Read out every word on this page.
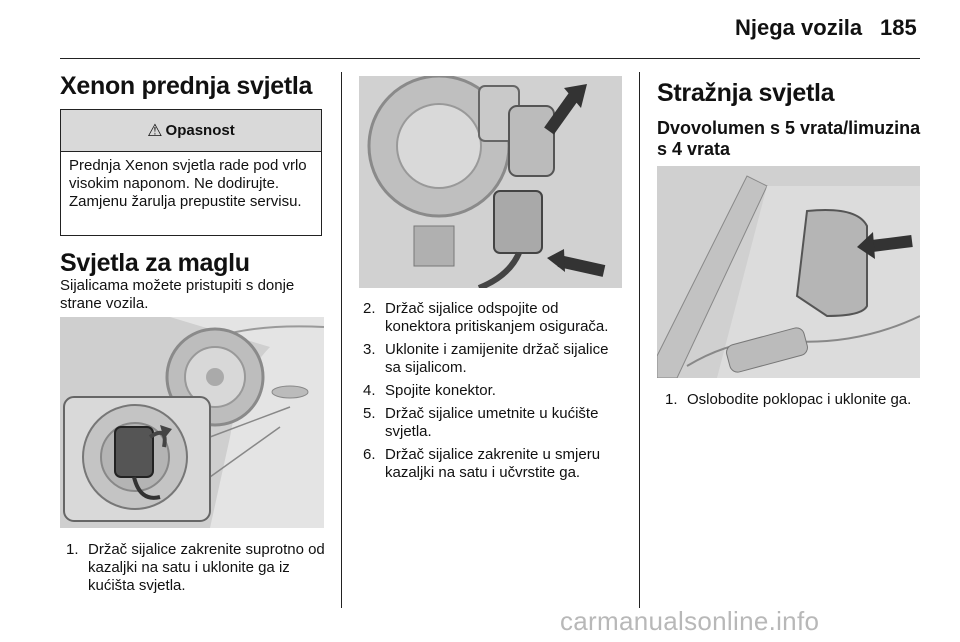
Njega vozila 185
Xenon prednja svjetla
⚠ Opasnost
Prednja Xenon svjetla rade pod vrlo visokim naponom. Ne dodirujte. Zamjenu žarulja prepustite servisu.
Svjetla za maglu
Sijalicama možete pristupiti s donje strane vozila.
1. Držač sijalice zakrenite suprotno od kazaljki na satu i uklonite ga iz kućišta svjetla.
2. Držač sijalice odspojite od konektora pritiskanjem osigurača.
3. Uklonite i zamijenite držač sijalice sa sijalicom.
4. Spojite konektor.
5. Držač sijalice umetnite u kućište svjetla.
6. Držač sijalice zakrenite u smjeru kazaljki na satu i učvrstite ga.
Stražnja svjetla
Dvovolumen s 5 vrata/limuzina s 4 vrata
1. Oslobodite poklopac i uklonite ga.
carmanualsonline.info
